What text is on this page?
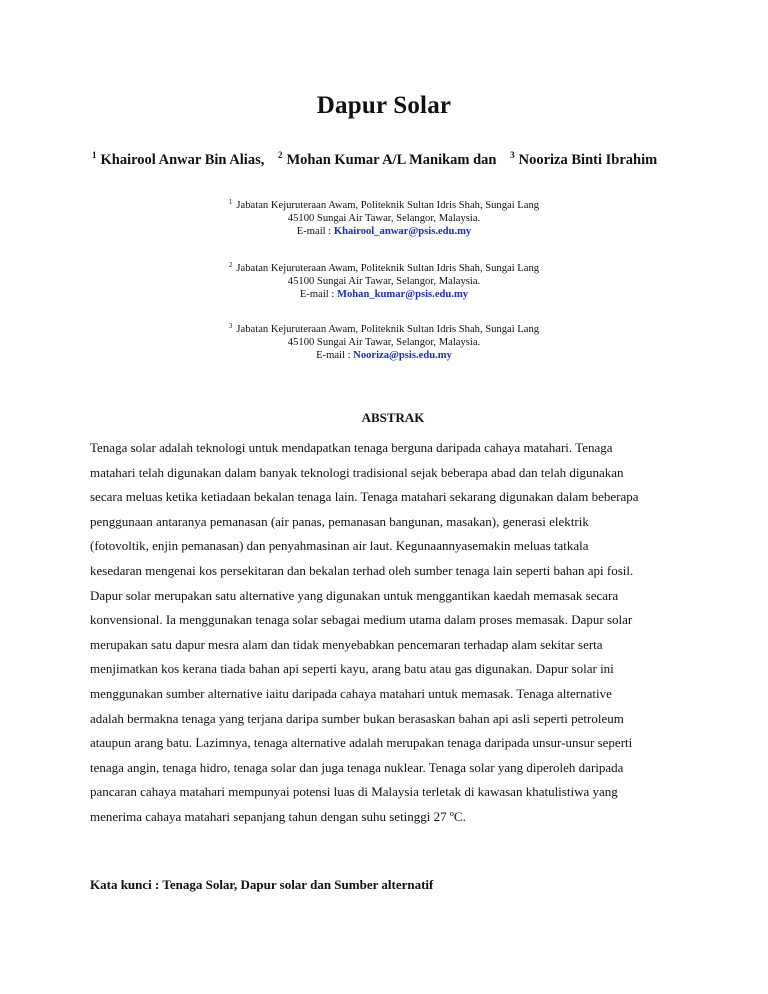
Dapur Solar
$^1$ Khairool Anwar Bin Alias, $^2$ Mohan Kumar A/L Manikam dan $^3$ Nooriza Binti Ibrahim
$^1$ Jabatan Kejuruteraan Awam, Politeknik Sultan Idris Shah, Sungai Lang
45100 Sungai Air Tawar, Selangor, Malaysia.
E-mail : Khairool_anwar@psis.edu.my
$^2$ Jabatan Kejuruteraan Awam, Politeknik Sultan Idris Shah, Sungai Lang
45100 Sungai Air Tawar, Selangor, Malaysia.
E-mail : Mohan_kumar@psis.edu.my
$^3$ Jabatan Kejuruteraan Awam, Politeknik Sultan Idris Shah, Sungai Lang
45100 Sungai Air Tawar, Selangor, Malaysia.
E-mail : Nooriza@psis.edu.my
ABSTRAK
Tenaga solar adalah teknologi untuk mendapatkan tenaga berguna daripada cahaya matahari. Tenaga
matahari telah digunakan dalam banyak teknologi tradisional sejak beberapa abad dan telah digunakan
secara meluas ketika ketiadaan bekalan tenaga lain. Tenaga matahari sekarang digunakan dalam beberapa
penggunaan antaranya pemanasan (air panas, pemanasan bangunan, masakan), generasi elektrik
(fotovoltik, enjin pemanasan) dan penyahmasinan air laut. Kegunaannyasemakin meluas tatkala
kesedaran mengenai kos persekitaran dan bekalan terhad oleh sumber tenaga lain seperti bahan api fosil.
Dapur solar merupakan satu alternative yang digunakan untuk menggantikan kaedah memasak secara
konvensional. Ia menggunakan tenaga solar sebagai medium utama dalam proses memasak. Dapur solar
merupakan satu dapur mesra alam dan tidak menyebabkan pencemaran terhadap alam sekitar serta
menjimatkan kos kerana tiada bahan api seperti kayu, arang batu atau gas digunakan. Dapur solar ini
menggunakan sumber alternative iaitu daripada cahaya matahari untuk memasak. Tenaga alternative
adalah bermakna tenaga yang terjana daripa sumber bukan berasaskan bahan api asli seperti petroleum
ataupun arang batu. Lazimnya, tenaga alternative adalah merupakan tenaga daripada unsur-unsur seperti
tenaga angin, tenaga hidro, tenaga solar dan juga tenaga nuklear. Tenaga solar yang diperoleh daripada
pancaran cahaya matahari mempunyai potensi luas di Malaysia terletak di kawasan khatulistiwa yang
menerima cahaya matahari sepanjang tahun dengan suhu setinggi 27 ºC.
Kata kunci : Tenaga Solar, Dapur solar dan Sumber alternatif
